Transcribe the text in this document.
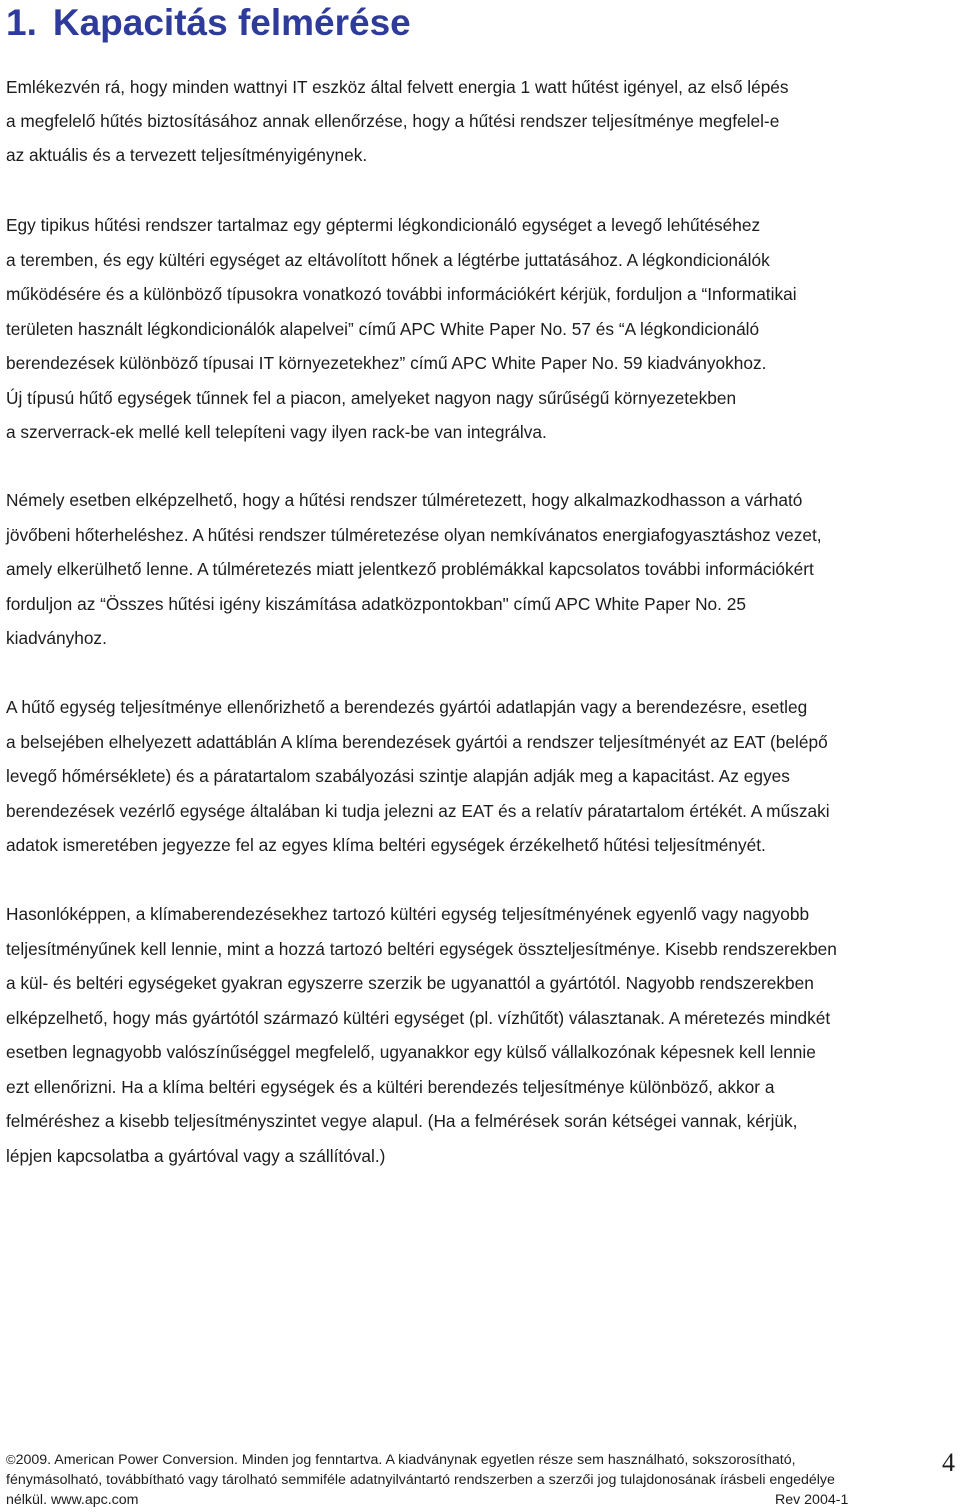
1. Kapacitás felmérése

Emlékezvén rá, hogy minden wattnyi IT eszköz által felvett energia 1 watt hűtést igényel, az első lépés
a megfelelő hűtés biztosításához annak ellenőrzése, hogy a hűtési rendszer teljesítménye megfelel-e
az aktuális és a tervezett teljesítményigénynek.

Egy tipikus hűtési rendszer tartalmaz egy géptermi légkondicionáló egységet a levegő lehűtéséhez
a teremben, és egy kültéri egységet az eltávolított hőnek a légtérbe juttatásához. A légkondicionálók
működésére és a különböző típusokra vonatkozó további információkért kérjük, forduljon a “Informatikai
területen használt légkondicionálók alapelvei” című APC White Paper No. 57 és “A légkondicionáló
berendezések különböző típusai IT környezetekhez” című APC White Paper No. 59 kiadványokhoz.
Új típusú hűtő egységek tűnnek fel a piacon, amelyeket nagyon nagy sűrűségű környezetekben
a szerverrack-ek mellé kell telepíteni vagy ilyen rack-be van integrálva.

Némely esetben elképzelhető, hogy a hűtési rendszer túlméretezett, hogy alkalmazkodhasson a várható
jövőbeni hőterheléshez. A hűtési rendszer túlméretezése olyan nemkívánatos energiafogyasztáshoz vezet,
amely elkerülhető lenne. A túlméretezés miatt jelentkező problémákkal kapcsolatos további információkért
forduljon az “Összes hűtési igény kiszámítása adatközpontokban" című APC White Paper No. 25
kiadványhoz.

A hűtő egység teljesítménye ellenőrizhető a berendezés gyártói adatlapján vagy a berendezésre, esetleg
a belsejében elhelyezett adattáblán A klíma berendezések gyártói a rendszer teljesítményét az EAT (belépő
levegő hőmérséklete) és a páratartalom szabályozási szintje alapján adják meg a kapacitást. Az egyes
berendezések vezérlő egysége általában ki tudja jelezni az EAT és a relatív páratartalom értékét. A műszaki
adatok ismeretében jegyezze fel az egyes klíma beltéri egységek érzékelhető hűtési teljesítményét.

Hasonlóképpen, a klímaberendezésekhez tartozó kültéri egység teljesítményének egyenlő vagy nagyobb
teljesítményűnek kell lennie, mint a hozzá tartozó beltéri egységek összteljesítménye. Kisebb rendszerekben
a kül- és beltéri egységeket gyakran egyszerre szerzik be ugyanattól a gyártótól. Nagyobb rendszerekben
elképzelhető, hogy más gyártótól származó kültéri egységet (pl. vízhűtőt) választanak. A méretezés mindkét
esetben legnagyobb valószínűséggel megfelelő, ugyanakkor egy külső vállalkozónak képesnek kell lennie
ezt ellenőrizni. Ha a klíma beltéri egységek és a kültéri berendezés teljesítménye különböző, akkor a
felméréshez a kisebb teljesítményszintet vegye alapul. (Ha a felmérések során kétségei vannak, kérjük,
lépjen kapcsolatba a gyártóval vagy a szállítóval.)

©2009. American Power Conversion. Minden jog fenntartva. A kiadványnak egyetlen része sem használható, sokszorosítható,
fénymásolható, továbbítható vagy tárolható semmiféle adatnyilvántartó rendszerben a szerzői jog tulajdonosának írásbeli engedélye
nélkül. www.apc.com	Rev 2004-1
4
